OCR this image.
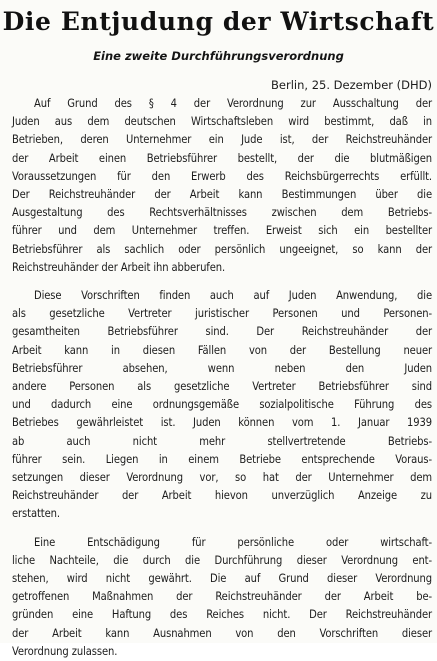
Die Entjudung der Wirtschaft
Eine zweite Durchführungsverordnung
Berlin, 25. Dezember (DHD)
Auf Grund des § 4 der Verordnung zur Ausschaltung der
Juden aus dem deutschen Wirtschaftsleben wird bestimmt, daß in
Betrieben, deren Unternehmer ein Jude ist, der Reichstreuhänder
der Arbeit einen Betriebsführer bestellt, der die blutmäßigen
Voraussetzungen für den Erwerb des Reichsbürgerrechts erfüllt.
Der Reichstreuhänder der Arbeit kann Bestimmungen über die
Ausgestaltung des Rechtsverhältnisses zwischen dem Betriebs-
führer und dem Unternehmer treffen. Erweist sich ein bestellter
Betriebsführer als sachlich oder persönlich ungeeignet, so kann der
Reichstreuhänder der Arbeit ihn abberufen.
Diese Vorschriften finden auch auf Juden Anwendung, die
als gesetzliche Vertreter juristischer Personen und Personen-
gesamtheiten Betriebsführer sind. Der Reichstreuhänder der
Arbeit kann in diesen Fällen von der Bestellung neuer
Betriebsführer absehen, wenn neben den Juden
andere Personen als gesetzliche Vertreter Betriebsführer sind
und dadurch eine ordnungsgemäße sozialpolitische Führung des
Betriebes gewährleistet ist. Juden können vom 1. Januar 1939
ab auch nicht mehr stellvertretende Betriebs-
führer sein. Liegen in einem Betriebe entsprechende Voraus-
setzungen dieser Verordnung vor, so hat der Unternehmer dem
Reichstreuhänder der Arbeit hievon unverzüglich Anzeige zu
erstatten.
Eine Entschädigung für persönliche oder wirtschaft-
liche Nachteile, die durch die Durchführung dieser Verordnung ent-
stehen, wird nicht gewährt. Die auf Grund dieser Verordnung
getroffenen Maßnahmen der Reichstreuhänder der Arbeit be-
gründen eine Haftung des Reiches nicht. Der Reichstreuhänder
der Arbeit kann Ausnahmen von den Vorschriften dieser
Verordnung zulassen.
